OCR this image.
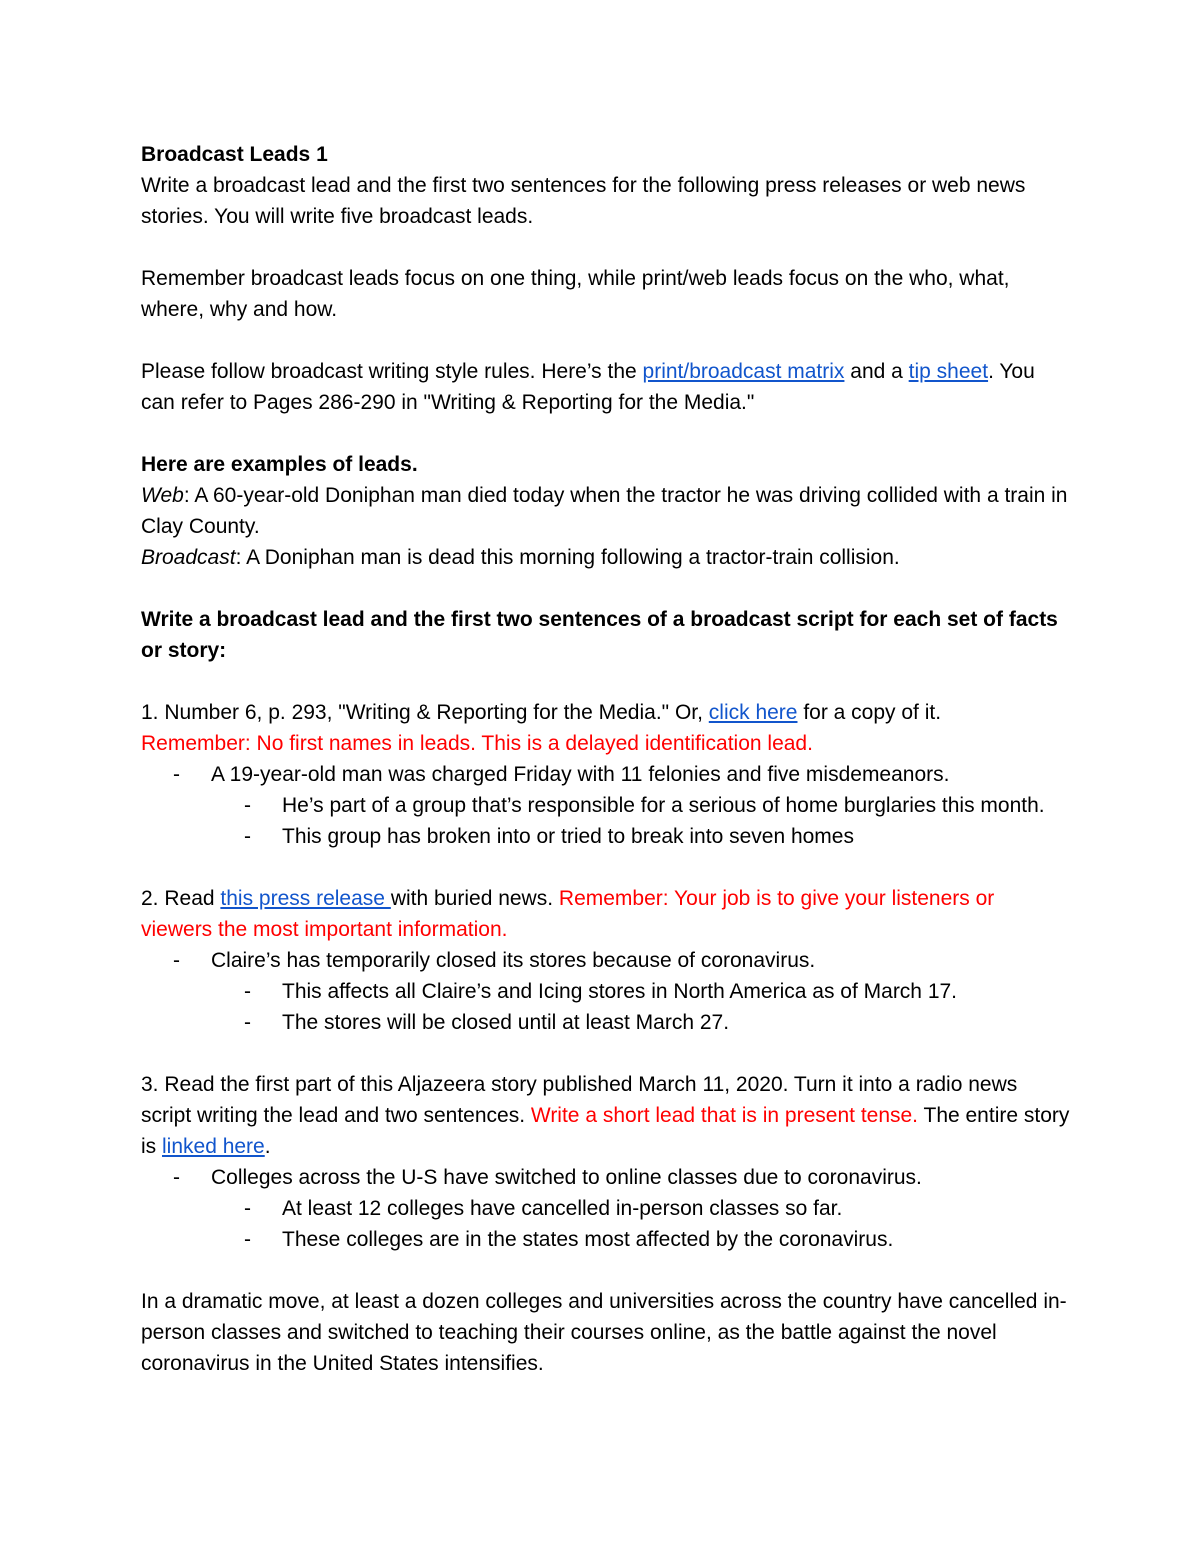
Broadcast Leads 1

Write a broadcast lead and the first two sentences for the following press releases or web news stories. You will write five broadcast leads.

Remember broadcast leads focus on one thing, while print/web leads focus on the who, what, where, why and how.

Please follow broadcast writing style rules. Here’s the print/broadcast matrix and a tip sheet. You can refer to Pages 286-290 in "Writing & Reporting for the Media."

Here are examples of leads.

Web: A 60-year-old Doniphan man died today when the tractor he was driving collided with a train in Clay County.

Broadcast: A Doniphan man is dead this morning following a tractor-train collision.

Write a broadcast lead and the first two sentences of a broadcast script for each set of facts or story:

1. Number 6, p. 293, "Writing & Reporting for the Media." Or, click here for a copy of it.

Remember: No first names in leads. This is a delayed identification lead.

- A 19-year-old man was charged Friday with 11 felonies and five misdemeanors.
- He’s part of a group that’s responsible for a serious of home burglaries this month.
- This group has broken into or tried to break into seven homes

2. Read this press release with buried news. Remember: Your job is to give your listeners or viewers the most important information.

- Claire’s has temporarily closed its stores because of coronavirus.
- This affects all Claire’s and Icing stores in North America as of March 17.
- The stores will be closed until at least March 27.

3. Read the first part of this Aljazeera story published March 11, 2020. Turn it into a radio news script writing the lead and two sentences. Write a short lead that is in present tense. The entire story is linked here.

- Colleges across the U-S have switched to online classes due to coronavirus.
- At least 12 colleges have cancelled in-person classes so far.
- These colleges are in the states most affected by the coronavirus.

In a dramatic move, at least a dozen colleges and universities across the country have cancelled in-person classes and switched to teaching their courses online, as the battle against the novel coronavirus in the United States intensifies.
